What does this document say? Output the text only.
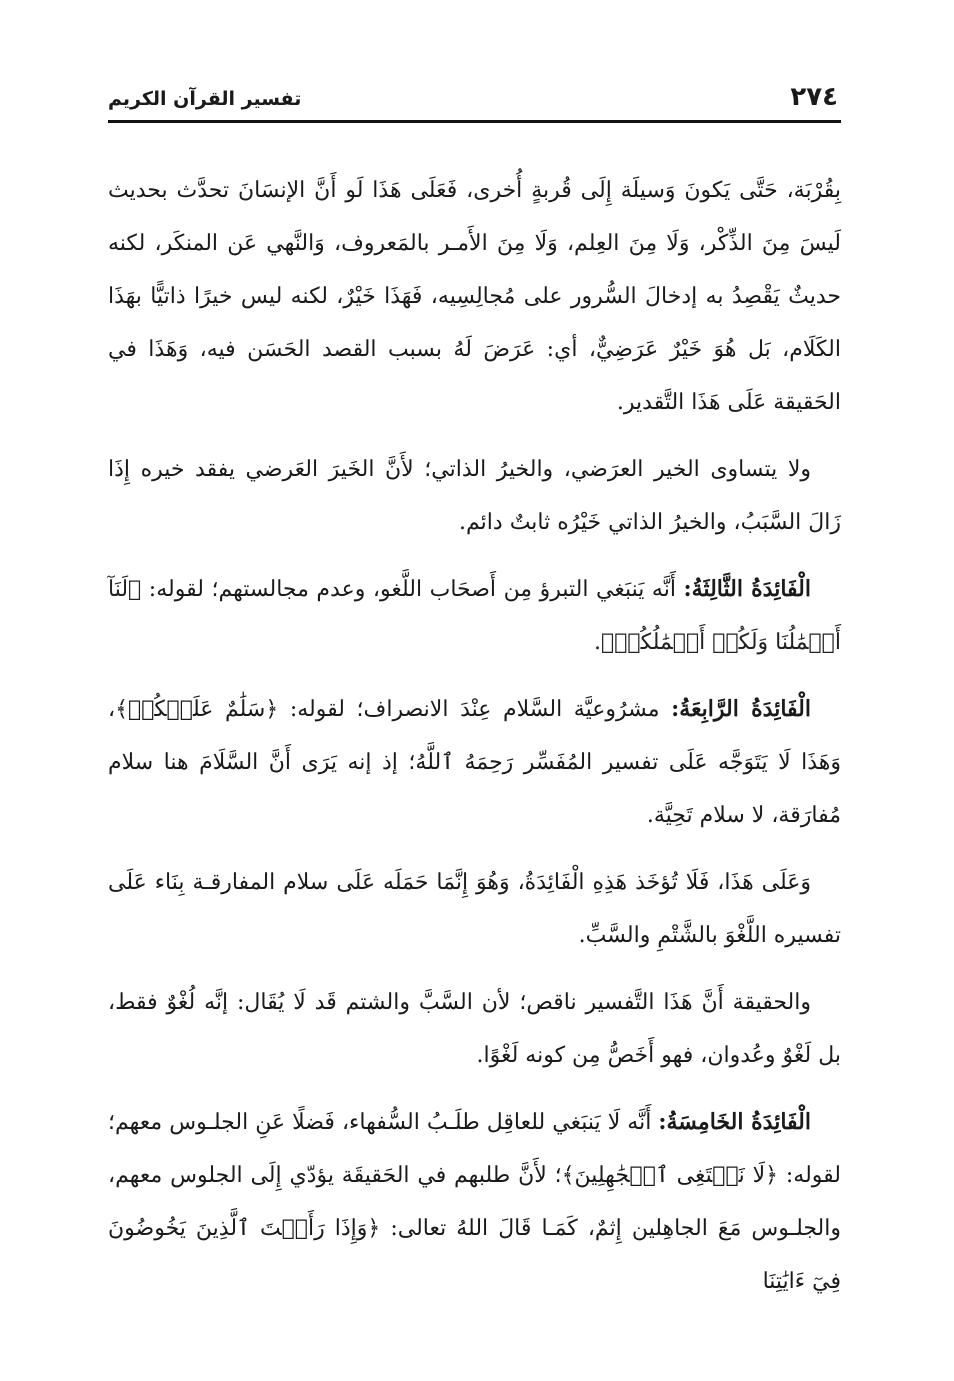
٢٧٤
تفسير القرآن الكريم

بِقُرْبَة، حَتَّى يَكونَ وَسيلَة إِلَى قُربةٍ أُخرى، فَعَلَى هَذَا لَو أَنَّ الإنسَانَ تحدَّث بحديث لَيسَ مِنَ الذِّكْر، وَلَا مِنَ العِلم، وَلَا مِنَ الأَمـر بالمَعروف، وَالنَّهي عَن المنكَر، لكنه حديثٌ يَقْصِدُ به إدخالَ السُّرور على مُجالِسِيه، فَهَذَا خَيْرٌ، لكنه ليس خيرًا ذاتيًّا بهَذَا الكَلَام، بَل هُوَ خَيْرٌ عَرَضِيٌّ، أي: عَرَضَ لَهُ بسبب القصد الحَسَن فيه، وَهَذَا في الحَقيقة عَلَى هَذَا التَّقدير.

ولا يتساوى الخير العرَضي، والخيرُ الذاتي؛ لأَنَّ الخَيرَ العَرضي يفقد خيره إِذَا زَالَ السَّبَبُ، والخيرُ الذاتي خَيْرُه ثابتٌ دائم.

الْفَائِدَةُ الثَّالِثَةُ: أَنَّه يَنبَغي التبرؤ مِن أَصحَاب اللَّغو، وعدم مجالستهم؛ لقوله: ﴿لَنَآ أَعۡمَٰلُنَا وَلَكُمۡ أَعۡمَٰلُكُمۡ﴾.

الْفَائِدَةُ الرَّابِعَةُ: مشرُوعيَّة السَّلام عِنْدَ الانصراف؛ لقوله: ﴿سَلَٰمٌ عَلَيۡكُمۡ﴾، وَهَذَا لَا يَتَوَجَّه عَلَى تفسير المُفَسِّر رَحِمَهُ ٱللَّهُ؛ إذ إنه يَرَى أَنَّ السَّلَامَ هنا سلام مُفارَقة، لا سلام تَحِيَّة.

وَعَلَى هَذَا، فَلَا تُؤخَذ هَذِهِ الْفَائِدَةُ، وَهُوَ إِنَّمَا حَمَلَه عَلَى سلام المفارقـة بِنَاء عَلَى تفسيره اللَّغْوَ بالشَّتْمِ والسَّبِّ.

والحقيقة أَنَّ هَذَا التَّفسير ناقص؛ لأن السَّبَّ والشتم قَد لَا يُقَال: إنَّه لُغْوٌ فقط، بل لَغْوٌ وعُدوان، فهو أَخَصُّ مِن كونه لَغْوًا.

الْفَائِدَةُ الخَامِسَةُ: أَنَّه لَا يَنبَغي للعاقِل طلَـبُ السُّفهاء، فَضلًا عَنِ الجلـوس معهم؛ لقوله: ﴿لَا نَبۡتَغِى ٱلۡجَٰهِلِينَ﴾؛ لأَنَّ طلبهم في الحَقيقَة يؤدّي إِلَى الجلوس معهم، والجلـوس مَعَ الجاهِلين إِثمٌ، كَمَـا قَالَ اللهُ تعالى: ﴿وَإِذَا رَأَيۡتَ ٱلَّذِينَ يَخُوضُونَ فِيٓ ءَايَٰتِنَا
